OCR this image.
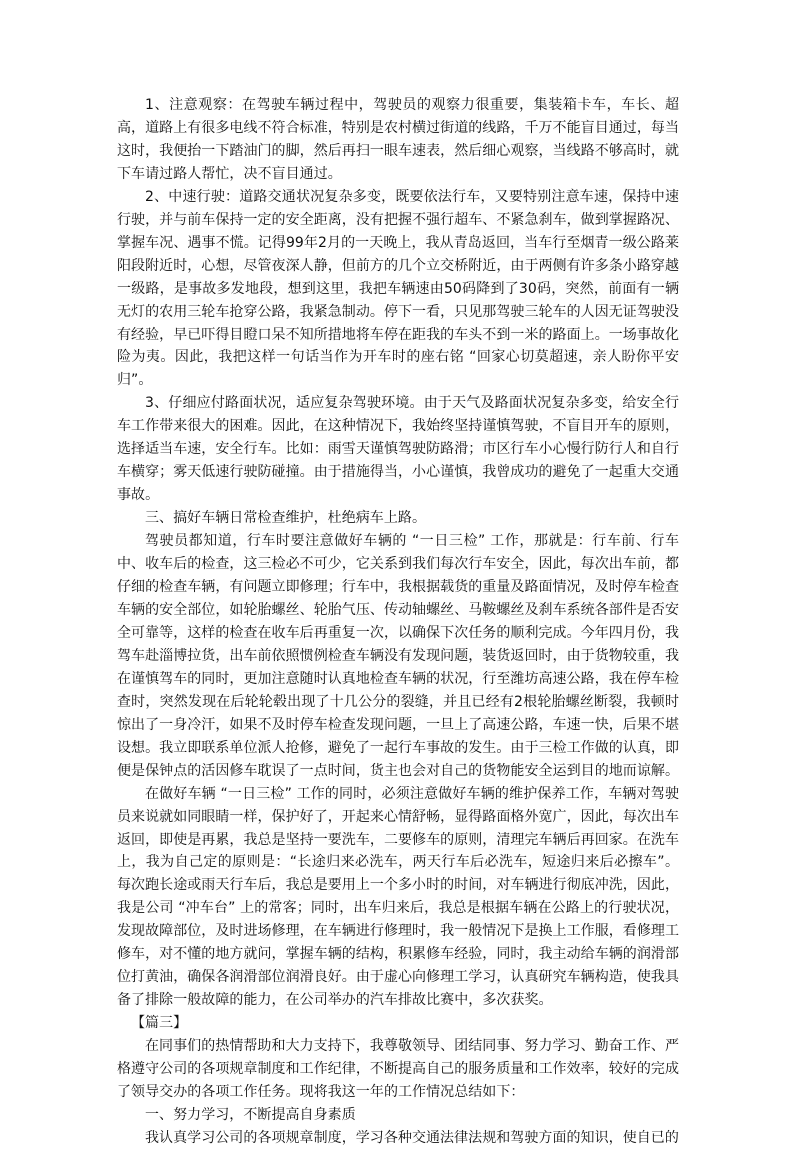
1、注意观察：在驾驶车辆过程中，驾驶员的观察力很重要，集装箱卡车，车长、超高，道路上有很多电线不符合标准，特别是农村横过街道的线路，千万不能盲目通过，每当这时，我便抬一下踏油门的脚，然后再扫一眼车速表，然后细心观察，当线路不够高时，就下车请过路人帮忙，决不盲目通过。

2、中速行驶：道路交通状况复杂多变，既要依法行车，又要特别注意车速，保持中速行驶，并与前车保持一定的安全距离，没有把握不强行超车、不紧急刹车，做到掌握路况、掌握车况、遇事不慌。记得99年2月的一天晚上，我从青岛返回，当车行至烟青一级公路莱阳段附近时，心想，尽管夜深人静，但前方的几个立交桥附近，由于两侧有许多条小路穿越一级路，是事故多发地段，想到这里，我把车辆速由50码降到了30码，突然，前面有一辆无灯的农用三轮车抢穿公路，我紧急制动。停下一看，只见那驾驶三轮车的人因无证驾驶没有经验，早已吓得目瞪口呆不知所措地将车停在距我的车头不到一米的路面上。一场事故化险为夷。因此，我把这样一句话当作为开车时的座右铭 “回家心切莫超速，亲人盼你平安归”。

3、仔细应付路面状况，适应复杂驾驶环境。由于天气及路面状况复杂多变，给安全行车工作带来很大的困难。因此，在这种情况下，我始终坚持谨慎驾驶，不盲目开车的原则，选择适当车速，安全行车。比如：雨雪天谨慎驾驶防路滑；市区行车小心慢行防行人和自行车横穿；雾天低速行驶防碰撞。由于措施得当，小心谨慎，我曾成功的避免了一起重大交通事故。

三、搞好车辆日常检查维护，杜绝病车上路。

驾驶员都知道，行车时要注意做好车辆的 “一日三检” 工作，那就是：行车前、行车中、收车后的检查，这三检必不可少，它关系到我们每次行车安全，因此，每次出车前，都仔细的检查车辆，有问题立即修理；行车中，我根据载货的重量及路面情况，及时停车检查车辆的安全部位，如轮胎螺丝、轮胎气压、传动轴螺丝、马鞍螺丝及刹车系统各部件是否安全可靠等，这样的检查在收车后再重复一次，以确保下次任务的顺利完成。今年四月份，我驾车赴淄博拉货，出车前依照惯例检查车辆没有发现问题，装货返回时，由于货物较重，我在谨慎驾车的同时，更加注意随时认真地检查车辆的状况，行至潍坊高速公路，我在停车检查时，突然发现在后轮轮毂出现了十几公分的裂缝，并且已经有2根轮胎螺丝断裂，我顿时惊出了一身冷汗，如果不及时停车检查发现问题，一旦上了高速公路，车速一快，后果不堪设想。我立即联系单位派人抢修，避免了一起行车事故的发生。由于三检工作做的认真，即便是保钟点的活因修车耽误了一点时间，货主也会对自己的货物能安全运到目的地而谅解。

在做好车辆 “一日三检” 工作的同时，必须注意做好车辆的维护保养工作，车辆对驾驶员来说就如同眼睛一样，保护好了，开起来心情舒畅，显得路面格外宽广，因此，每次出车返回，即使是再累，我总是坚持一要洗车，二要修车的原则，清理完车辆后再回家。在洗车上，我为自己定的原则是：“长途归来必洗车，两天行车后必洗车，短途归来后必擦车”。每次跑长途或雨天行车后，我总是要用上一个多小时的时间，对车辆进行彻底冲洗，因此，我是公司 “冲车台” 上的常客；同时，出车归来后，我总是根据车辆在公路上的行驶状况，发现故障部位，及时进场修理，在车辆进行修理时，我一般情况下是换上工作服，看修理工修车，对不懂的地方就问，掌握车辆的结构，积累修车经验，同时，我主动给车辆的润滑部位打黄油，确保各润滑部位润滑良好。由于虚心向修理工学习，认真研究车辆构造，使我具备了排除一般故障的能力，在公司举办的汽车排故比赛中，多次获奖。

【篇三】

在同事们的热情帮助和大力支持下，我尊敬领导、团结同事、努力学习、勤奋工作、严格遵守公司的各项规章制度和工作纪律，不断提高自己的服务质量和工作效率，较好的完成了领导交办的各项工作任务。现将我这一年的工作情况总结如下：

一、努力学习，不断提高自身素质

我认真学习公司的各项规章制度，学习各种交通法律法规和驾驶方面的知识，使自已的
